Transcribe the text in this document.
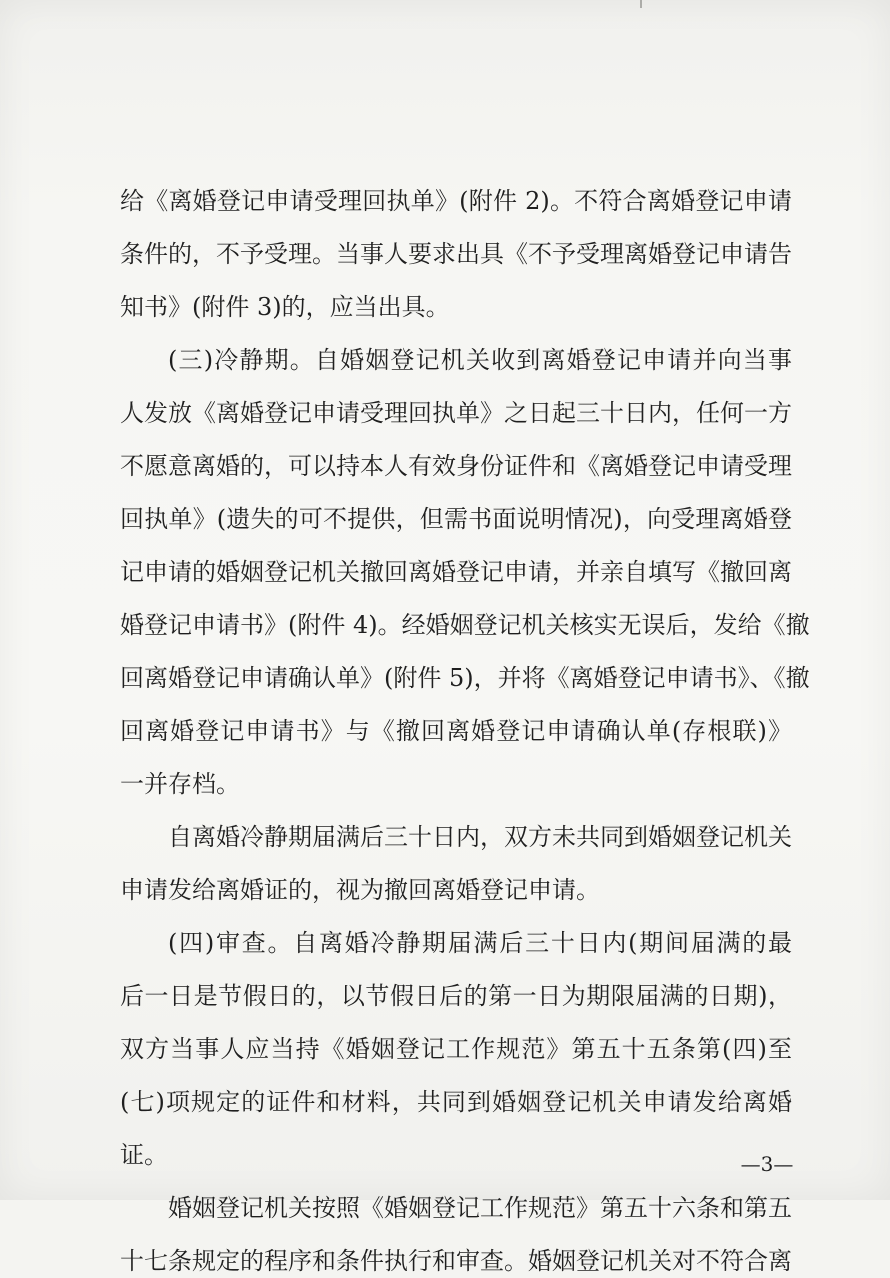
给《离婚登记申请受理回执单》(附件 2)。不符合离婚登记申请
条件的，不予受理。当事人要求出具《不予受理离婚登记申请告
知书》(附件 3)的，应当出具。
(三)冷静期。自婚姻登记机关收到离婚登记申请并向当事
人发放《离婚登记申请受理回执单》之日起三十日内，任何一方
不愿意离婚的，可以持本人有效身份证件和《离婚登记申请受理
回执单》(遗失的可不提供，但需书面说明情况)，向受理离婚登
记申请的婚姻登记机关撤回离婚登记申请，并亲自填写《撤回离
婚登记申请书》(附件 4)。经婚姻登记机关核实无误后，发给《撤
回离婚登记申请确认单》(附件 5)，并将《离婚登记申请书》、《撤
回离婚登记申请书》与《撤回离婚登记申请确认单(存根联)》
一并存档。
自离婚冷静期届满后三十日内，双方未共同到婚姻登记机关
申请发给离婚证的，视为撤回离婚登记申请。
(四)审查。自离婚冷静期届满后三十日内(期间届满的最
后一日是节假日的，以节假日后的第一日为期限届满的日期)，
双方当事人应当持《婚姻登记工作规范》第五十五条第(四)至
(七)项规定的证件和材料，共同到婚姻登记机关申请发给离婚
证。
婚姻登记机关按照《婚姻登记工作规范》第五十六条和第五
十七条规定的程序和条件执行和审查。婚姻登记机关对不符合离
—3—
